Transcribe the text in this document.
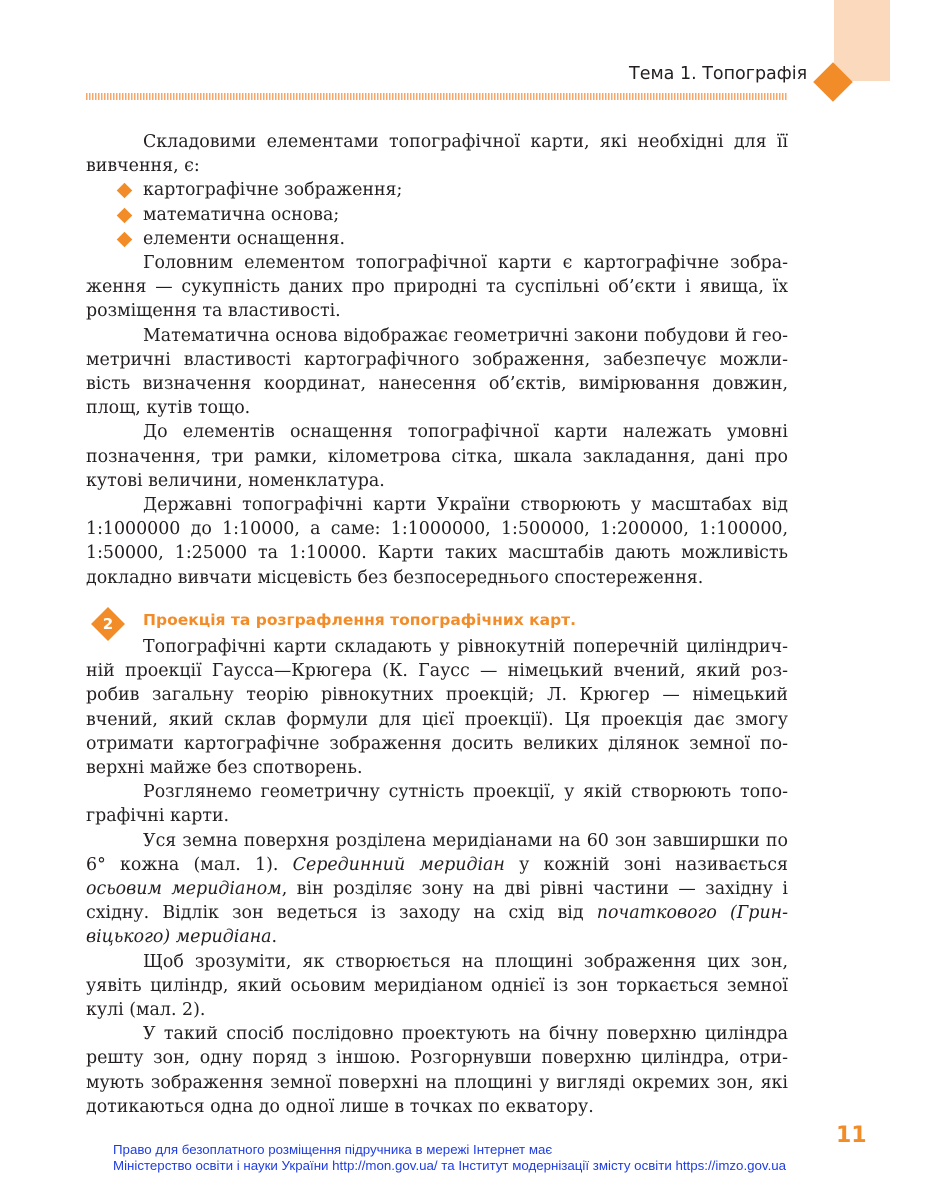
Тема 1. Топографія

Складовими елементами топографічної карти, які необхідні для її вивчення, є:

картографічне зображення;
математична основа;
елементи оснащення.

Головним елементом топографічної карти є картографічне зображення — сукупність даних про природні та суспільні об’єкти і явища, їх розміщення та властивості.

Математична основа відображає геометричні закони побудови й геометричні властивості картографічного зображення, забезпечує можливість визначення координат, нанесення об’єктів, вимірювання довжин, площ, кутів тощо.

До елементів оснащення топографічної карти належать умовні позначення, три рамки, кілометрова сітка, шкала закладання, дані про кутові величини, номенклатура.

Державні топографічні карти України створюють у масштабах від 1:1000000 до 1:10000, а саме: 1:1000000, 1:500000, 1:200000, 1:100000, 1:50000, 1:25000 та 1:10000. Карти таких масштабів дають можливість докладно вивчати місцевість без безпосереднього спостереження.

2	Проекція та розграфлення топографічних карт.

Топографічні карти складають у рівнокутній поперечній циліндричній проекції Гаусса—Крюгера (К. Гаусс — німецький вчений, який розробив загальну теорію рівнокутних проекцій; Л. Крюгер — німецький вчений, який склав формули для цієї проекції). Ця проекція дає змогу отримати картографічне зображення досить великих ділянок земної поверхні майже без спотворень.

Розглянемо геометричну сутність проекції, у якій створюють топографічні карти.

Уся земна поверхня розділена меридіанами на 60 зон завширшки по 6° кожна (мал. 1). Серединний меридіан у кожній зоні називається осьовим меридіаном, він розділяє зону на дві рівні частини — західну і східну. Відлік зон ведеться із заходу на схід від початкового (Гринвіцького) меридіана.

Щоб зрозуміти, як створюється на площині зображення цих зон, уявіть циліндр, який осьовим меридіаном однієї із зон торкається земної кулі (мал. 2).

У такий спосіб послідовно проектують на бічну поверхню циліндра решту зон, одну поряд з іншою. Розгорнувши поверхню циліндра, отримують зображення земної поверхні на площині у вигляді окремих зон, які дотикаються одна до одної лише в точках по екватору.

11
Право для безоплатного розміщення підручника в мережі Інтернет має
Міністерство освіти і науки України http://mon.gov.ua/ та Інститут модернізації змісту освіти https://imzo.gov.ua
